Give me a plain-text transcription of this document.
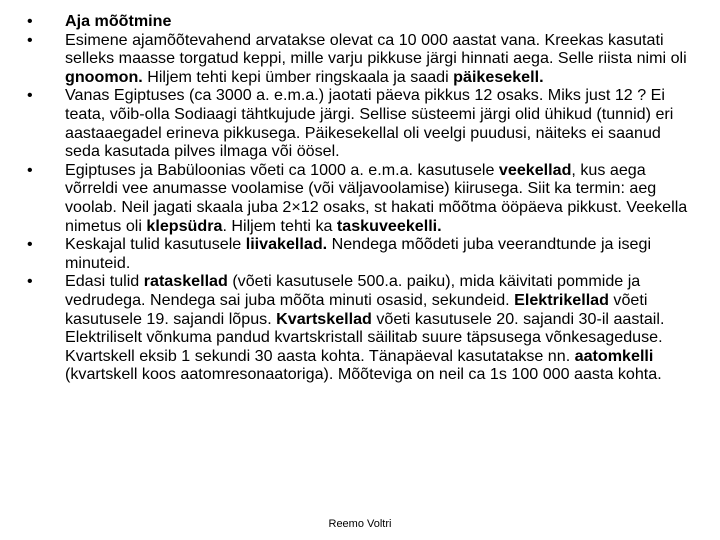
•	Aja mõõtmine
•	Esimene ajamõõtevahend arvatakse olevat ca 10 000 aastat vana. Kreekas kasutati selleks maasse torgatud keppi, mille varju pikkuse järgi hinnati aega. Selle riista nimi oli gnoomon. Hiljem tehti kepi ümber ringskaala ja saadi päikesekell.
•	Vanas Egiptuses (ca 3000 a. e.m.a.) jaotati päeva pikkus 12 osaks. Miks just 12 ? Ei teata, võib-olla Sodiaagi tähtkujude järgi. Sellise süsteemi järgi olid ühikud (tunnid) eri aastaaegadel erineva pikkusega. Päikesekellal oli veelgi puudusi, näiteks ei saanud seda kasutada pilves ilmaga või öösel.
•	Egiptuses ja Babüloonias võeti ca 1000 a. e.m.a. kasutusele veekellad, kus aega võrreldi vee anumasse voolamise (või väljavoolamise) kiirusega. Siit ka termin: aeg voolab. Neil jagati skaala juba 2×12 osaks, st hakati mõõtma ööpäeva pikkust. Veekella nimetus oli klepsüdra. Hiljem tehti ka taskuveekelli.
•	Keskajal tulid kasutusele liivakellad. Nendega mõõdeti juba veerandtunde ja isegi minuteid.
•	Edasi tulid rataskellad (võeti kasutusele 500.a. paiku), mida käivitati pommide ja vedrudega. Nendega sai juba mõõta minuti osasid, sekundeid. Elektrikellad võeti kasutusele 19. sajandi lõpus. Kvartskellad võeti kasutusele 20. sajandi 30-il aastail. Elektriliselt võnkuma pandud kvartskristall säilitab suure täpsusega võnkesageduse. Kvartskell eksib 1 sekundi 30 aasta kohta. Tänapäeval kasutatakse nn. aatomkelli (kvartskell koos aatomresonaatoriga). Mõõteviga on neil ca 1s 100 000 aasta kohta.
Reemo Voltri
